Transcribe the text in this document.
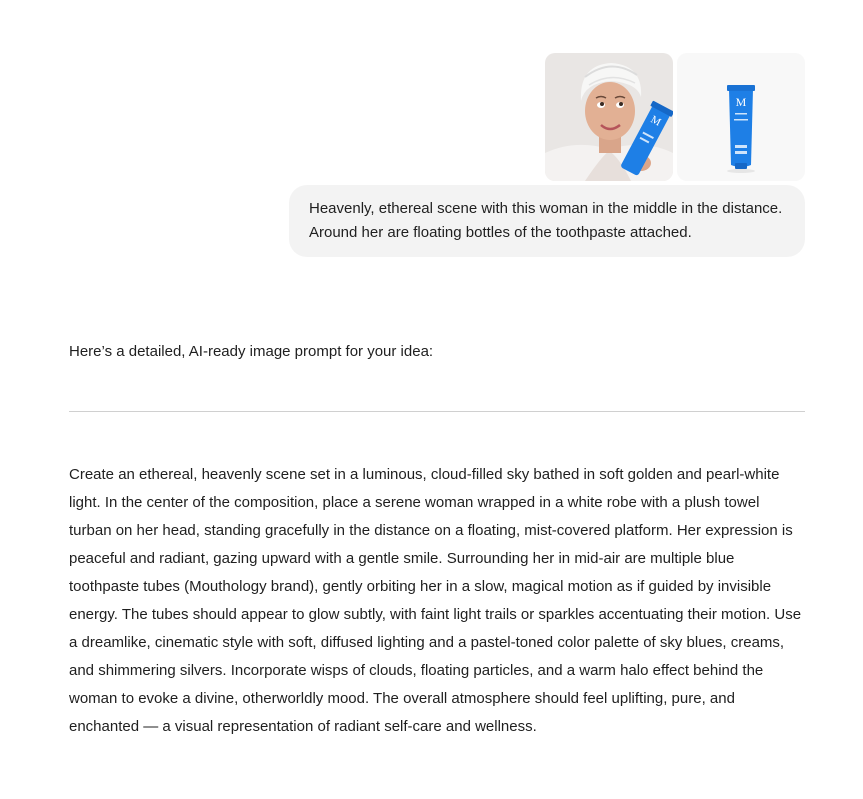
M
M
Heavenly, ethereal scene with this woman in the middle in the distance. Around her are floating bottles of the toothpaste attached.
Here’s a detailed, AI-ready image prompt for your idea:
Create an ethereal, heavenly scene set in a luminous, cloud-filled sky bathed in soft golden and pearl-white light. In the center of the composition, place a serene woman wrapped in a white robe with a plush towel turban on her head, standing gracefully in the distance on a floating, mist-covered platform. Her expression is peaceful and radiant, gazing upward with a gentle smile. Surrounding her in mid-air are multiple blue toothpaste tubes (Mouthology brand), gently orbiting her in a slow, magical motion as if guided by invisible energy. The tubes should appear to glow subtly, with faint light trails or sparkles accentuating their motion. Use a dreamlike, cinematic style with soft, diffused lighting and a pastel-toned color palette of sky blues, creams, and shimmering silvers. Incorporate wisps of clouds, floating particles, and a warm halo effect behind the woman to evoke a divine, otherworldly mood. The overall atmosphere should feel uplifting, pure, and enchanted — a visual representation of radiant self-care and wellness.
